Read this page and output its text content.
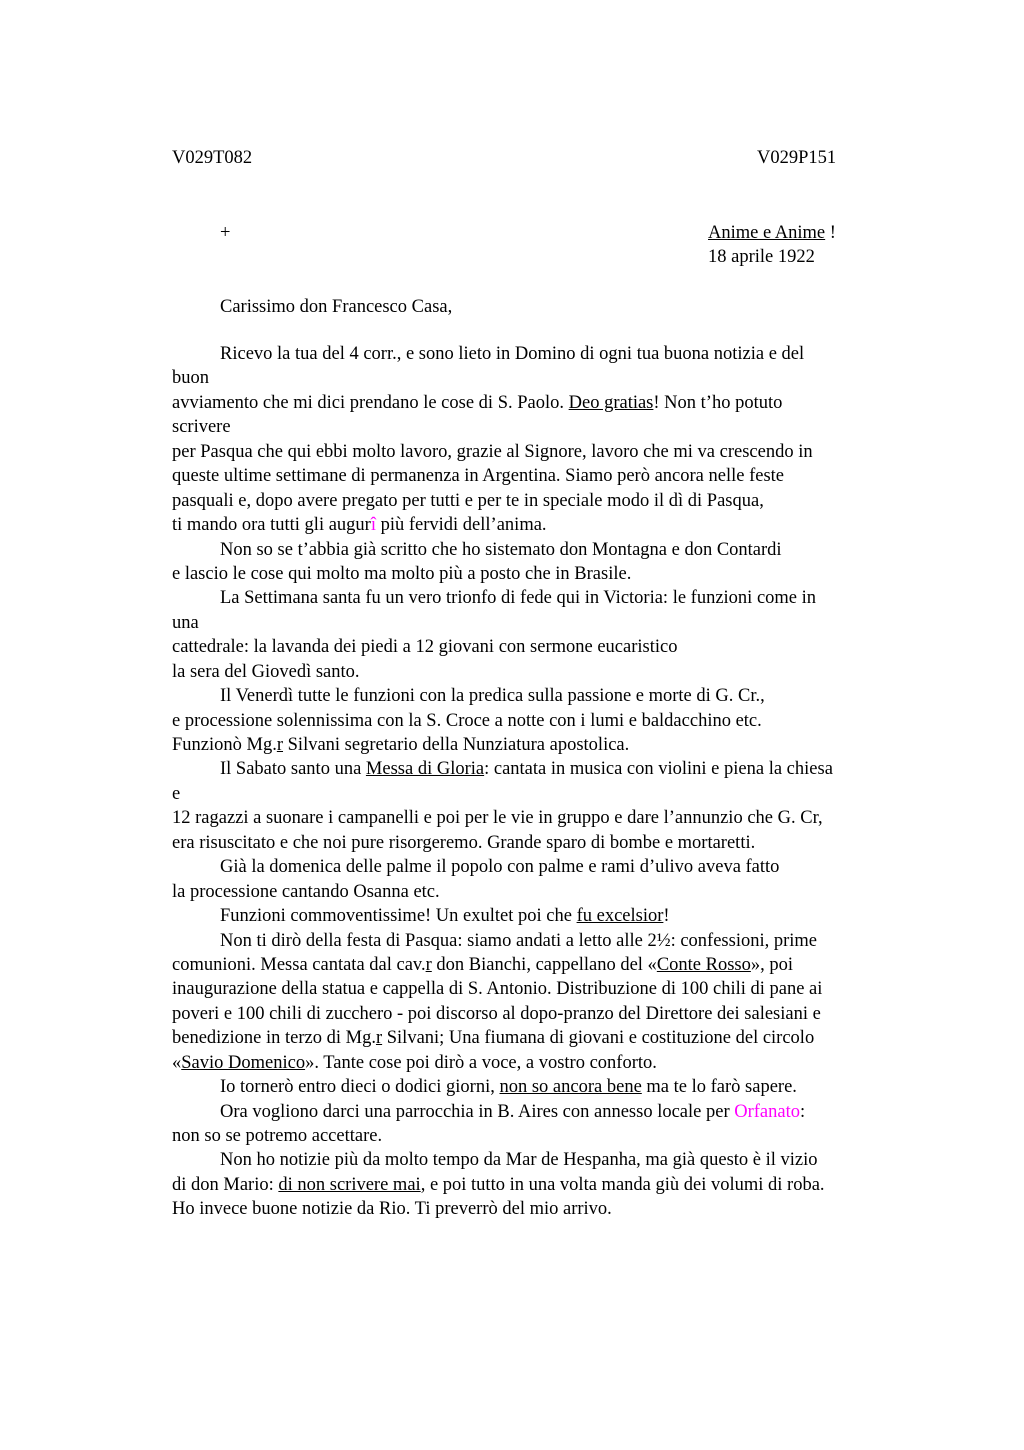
V029T082	V029P151
+	Anime e Anime !
18 aprile 1922
Carissimo don Francesco Casa,
Ricevo la tua del 4 corr., e sono lieto in Domino di ogni tua buona notizia e del
buon
avviamento che mi dici prendano le cose di S. Paolo. Deo gratias! Non t’ho potuto
scrivere
per Pasqua che qui ebbi molto lavoro, grazie al Signore, lavoro che mi va crescendo in
queste ultime settimane di permanenza in Argentina. Siamo però ancora nelle feste
pasquali e, dopo avere pregato per tutti e per te in speciale modo il dì di Pasqua,
ti mando ora tutti gli augurî più fervidi dell’anima.
Non so se t’abbia già scritto che ho sistemato don Montagna e don Contardi
e lascio le cose qui molto ma molto più a posto che in Brasile.
La Settimana santa fu un vero trionfo di fede qui in Victoria: le funzioni come in
una
cattedrale: la lavanda dei piedi a 12 giovani con sermone eucaristico
la sera del Giovedì santo.
Il Venerdì tutte le funzioni con la predica sulla passione e morte di G. Cr.,
e processione solennissima con la S. Croce a notte con i lumi e baldacchino etc.
Funzionò Mg.r Silvani segretario della Nunziatura apostolica.
Il Sabato santo una Messa di Gloria: cantata in musica con violini e piena la chiesa
e
12 ragazzi a suonare i campanelli e poi per le vie in gruppo e dare l’annunzio che G. Cr,
era risuscitato e che noi pure risorgeremo. Grande sparo di bombe e mortaretti.
Già la domenica delle palme il popolo con palme e rami d’ulivo aveva fatto
la processione cantando Osanna etc.
Funzioni commoventissime! Un exultet poi che fu excelsior!
Non ti dirò della festa di Pasqua: siamo andati a letto alle 2½: confessioni, prime
comunioni. Messa cantata dal cav.r don Bianchi, cappellano del «Conte Rosso», poi
inaugurazione della statua e cappella di S. Antonio. Distribuzione di 100 chili di pane ai
poveri e 100 chili di zucchero - poi discorso al dopo-pranzo del Direttore dei salesiani e
benedizione in terzo di Mg.r Silvani; Una fiumana di giovani e costituzione del circolo
«Savio Domenico». Tante cose poi dirò a voce, a vostro conforto.
Io tornerò entro dieci o dodici giorni, non so ancora bene ma te lo farò sapere.
Ora vogliono darci una parrocchia in B. Aires con annesso locale per Orfanato:
non so se potremo accettare.
Non ho notizie più da molto tempo da Mar de Hespanha, ma già questo è il vizio
di don Mario: di non scrivere mai, e poi tutto in una volta manda giù dei volumi di roba.
Ho invece buone notizie da Rio. Ti preverrò del mio arrivo.
